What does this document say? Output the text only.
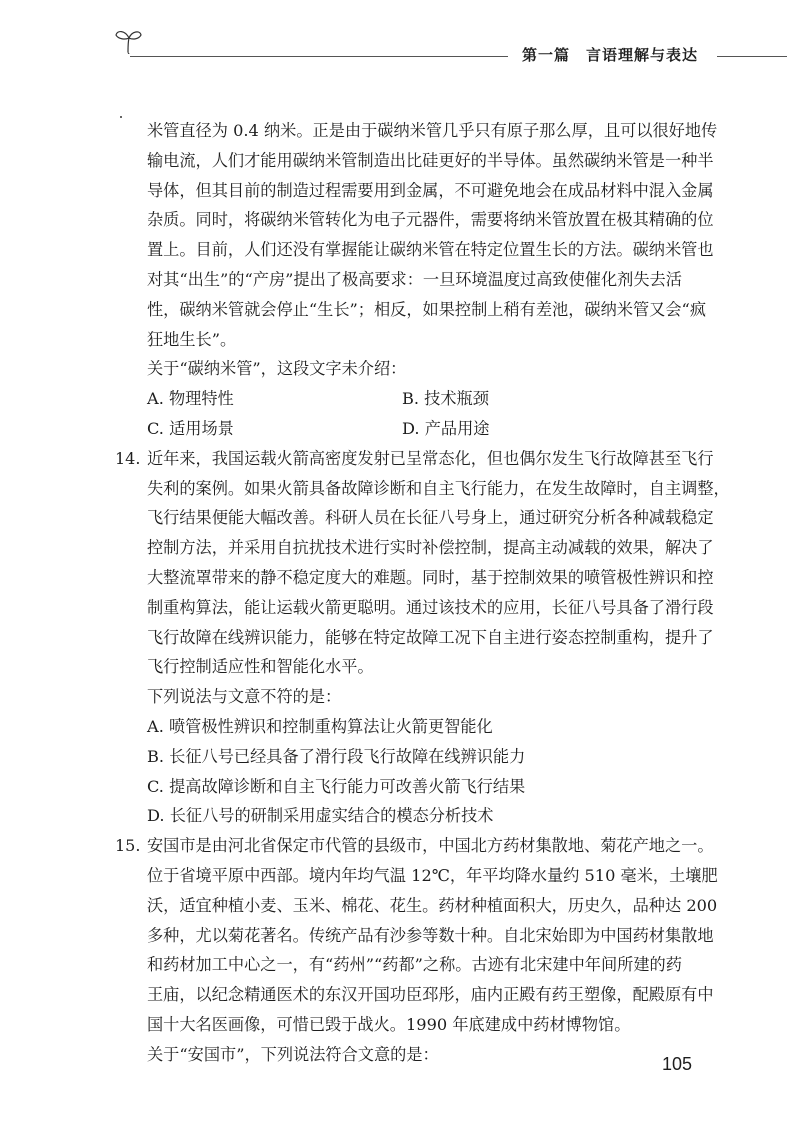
第一篇　言语理解与表达
米管直径为 0.4 纳米。正是由于碳纳米管几乎只有原子那么厚，且可以很好地传
输电流，人们才能用碳纳米管制造出比硅更好的半导体。虽然碳纳米管是一种半
导体，但其目前的制造过程需要用到金属，不可避免地会在成品材料中混入金属
杂质。同时，将碳纳米管转化为电子元器件，需要将纳米管放置在极其精确的位
置上。目前，人们还没有掌握能让碳纳米管在特定位置生长的方法。碳纳米管也
对其“出生”的“产房”提出了极高要求：一旦环境温度过高致使催化剂失去活
性，碳纳米管就会停止“生长”；相反，如果控制上稍有差池，碳纳米管又会“疯
狂地生长”。
关于“碳纳米管”，这段文字未介绍：
A. 物理特性	B. 技术瓶颈
C. 适用场景	D. 产品用途
14. 近年来，我国运载火箭高密度发射已呈常态化，但也偶尔发生飞行故障甚至飞行
失利的案例。如果火箭具备故障诊断和自主飞行能力，在发生故障时，自主调整，
飞行结果便能大幅改善。科研人员在长征八号身上，通过研究分析各种减载稳定
控制方法，并采用自抗扰技术进行实时补偿控制，提高主动减载的效果，解决了
大整流罩带来的静不稳定度大的难题。同时，基于控制效果的喷管极性辨识和控
制重构算法，能让运载火箭更聪明。通过该技术的应用，长征八号具备了滑行段
飞行故障在线辨识能力，能够在特定故障工况下自主进行姿态控制重构，提升了
飞行控制适应性和智能化水平。
下列说法与文意不符的是：
A. 喷管极性辨识和控制重构算法让火箭更智能化
B. 长征八号已经具备了滑行段飞行故障在线辨识能力
C. 提高故障诊断和自主飞行能力可改善火箭飞行结果
D. 长征八号的研制采用虚实结合的模态分析技术
15. 安国市是由河北省保定市代管的县级市，中国北方药材集散地、菊花产地之一。
位于省境平原中西部。境内年均气温 12℃，年平均降水量约 510 毫米，土壤肥
沃，适宜种植小麦、玉米、棉花、花生。药材种植面积大，历史久，品种达 200
多种，尤以菊花著名。传统产品有沙参等数十种。自北宋始即为中国药材集散地
和药材加工中心之一，有“药州”“药都”之称。古迹有北宋建中年间所建的药
王庙，以纪念精通医术的东汉开国功臣邳彤，庙内正殿有药王塑像，配殿原有中
国十大名医画像，可惜已毁于战火。1990 年底建成中药材博物馆。
关于“安国市”，下列说法符合文意的是：	105
